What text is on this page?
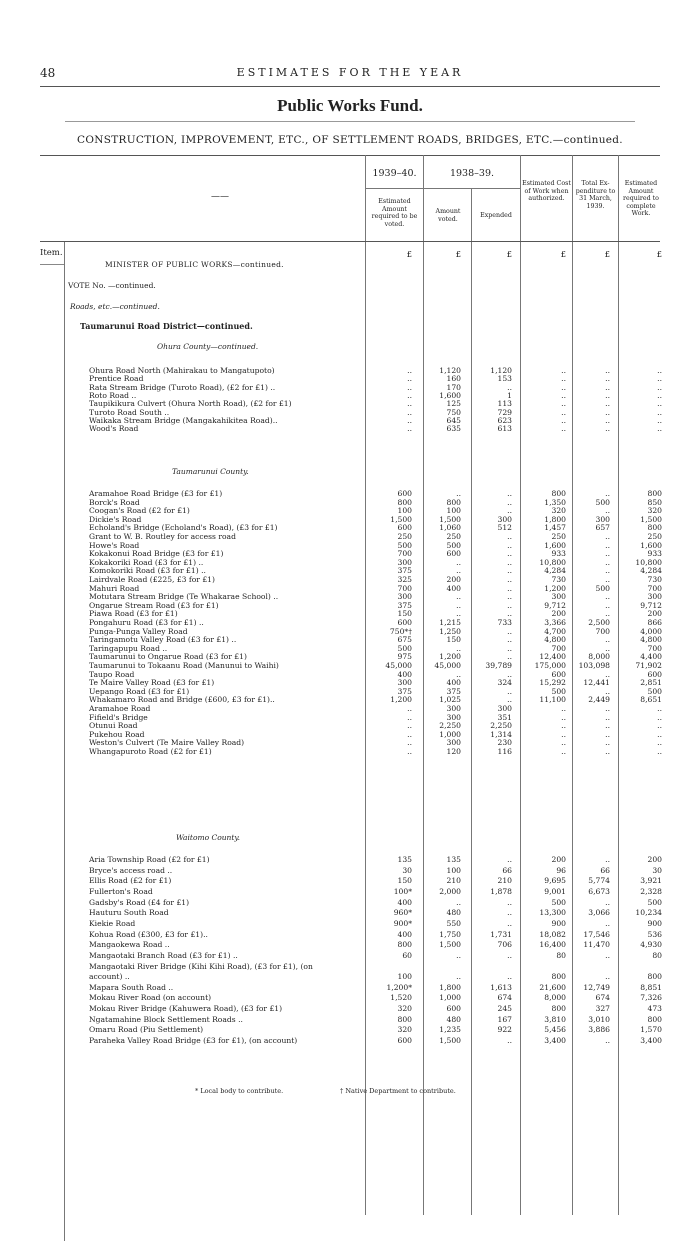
48	ESTIMATES FOR THE YEAR
Public Works Fund.
CONSTRUCTION, IMPROVEMENT, ETC., OF SETTLEMENT ROADS, BRIDGES, ETC.—continued.
1939–40.	1938–39.
Estimated Amount required to be voted.
Amount voted.	Expended
Estimated Cost of Work when authorized.
Total Ex-penditure to 31 March, 1939.
Estimated Amount required to complete Work.
——
£	£	£	£	£	£
Item.
MINISTER OF PUBLIC WORKS—continued.
VOTE No. —continued.
Roads, etc.—continued.
Taumarunui Road District—continued.
Ohura County—continued.
Taumarunui County.
Waitomo County.
Ohura Road North (Mahirakau to Mangatupoto)	..	1,120	1,120	..	..	..
Prentice Road	..	160	153	..	..	..
Rata Stream Bridge (Turoto Road), (£2 for £1) ..	..	170	..	..	..	..
Roto Road ..	..	1,600	1	..	..	..
Taupikikura Culvert (Ohura North Road), (£2 for £1)	..	125	113	..	..	..
Turoto Road South ..	..	750	729	..	..	..
Waikaka Stream Bridge (Mangakahikitea Road)..	..	645	623	..	..	..
Wood's Road	..	635	613	..	..	..
Aramahoe Road Bridge (£3 for £1)	600	..	..	800	..	800
Borck's Road	800	800	..	1,350	500	850
Coogan's Road (£2 for £1)	100	100	..	320	..	320
Dickie's Road	1,500	1,500	300	1,800	300	1,500
Echoland's Bridge (Echoland's Road), (£3 for £1)	600	1,060	512	1,457	657	800
Grant to W. B. Routley for access road	250	250	..	250	..	250
Howe's Road	500	500	..	1,600	..	1,600
Kokakonui Road Bridge (£3 for £1)	700	600	..	933	..	933
Kokakoriki Road (£3 for £1) ..	300	..	..	10,800	..	10,800
Komokoriki Road (£3 for £1) ..	375	..	..	4,284	..	4,284
Lairdvale Road (£225, £3 for £1)	325	200	..	730	..	730
Mahuri Road	700	400	..	1,200	500	700
Motutara Stream Bridge (Te Whakarae School) ..	300	..	..	300	..	300
Ongarue Stream Road (£3 for £1)	375	..	..	9,712	..	9,712
Piawa Road (£3 for £1)	150	..	..	200	..	200
Pongahuru Road (£3 for £1) ..	600	1,215	733	3,366	2,500	866
Punga-Punga Valley Road	750*†	1,250	..	4,700	700	4,000
Taringamotu Valley Road (£3 for £1) ..	675	150	..	4,800	..	4,800
Taringapupu Road ..	500	..	..	700	..	700
Taumarunui to Ongarue Road (£3 for £1)	975	1,200	..	12,400	8,000	4,400
Taumarunui to Tokaanu Road (Manunui to Waihi)	45,000	45,000	39,789	175,000 103,098	71,902
Taupo Road	400	..	..	600	..	600
Te Maire Valley Road (£3 for £1)	300	400	324	15,292 12,441	2,851
Uepango Road (£3 for £1)	375	375	..	500	..	500
Whakamaro Road and Bridge (£600, £3 for £1)..	1,200	1,025	..	11,100	2,449	8,651
Aramahoe Road	..	300	300	..	..	..
Fifield's Bridge	..	300	351	..	..	..
Otunui Road	..	2,250	2,250	..	..	..
Pukehou Road	..	1,000	1,314	..	..	..
Weston's Culvert (Te Maire Valley Road)	..	300	230	..	..	..
Whangapuroto Road (£2 for £1)	..	120	116	..	..	..
Aria Township Road (£2 for £1)	135	135	..	200	..	200
Bryce's access road ..	30	100	66	96	66	30
Ellis Road (£2 for £1)	150	210	210	9,695	5,774	3,921
Fullerton's Road	100*	2,000	1,878	9,001	6,673	2,328
Gadsby's Road (£4 for £1)	400	..	..	500	..	500
Hauturu South Road	960*	480	..	13,300	3,066	10,234
Kiekie Road	900*	550	..	900	..	900
Kohua Road (£300, £3 for £1)..	400	1,750	1,731	18,082 17,546	536
Mangaokewa Road ..	800	1,500	706	16,400 11,470	4,930
Mangaotaki Branch Road (£3 for £1) ..	60	..	..	80	..	80
Mangaotaki River Bridge (Kihi Kihi Road), (£3 for £1), (on
account) ..	100	..	..	800	..	800
Mapara South Road ..	1,200*	1,800	1,613	21,600 12,749	8,851
Mokau River Road (on account)	1,520	1,000	674	8,000	674	7,326
Mokau River Bridge (Kahuwera Road), (£3 for £1)	320	600	245	800	327	473
Ngatamahine Block Settlement Roads ..	800	480	167	3,810	3,010	800
Omaru Road (Piu Settlement)	320	1,235	922	5,456	3,886	1,570
Paraheka Valley Road Bridge (£3 for £1), (on account)	600	1,500	..	3,400	..	3,400
* Local body to contribute.	† Native Department to contribute.
